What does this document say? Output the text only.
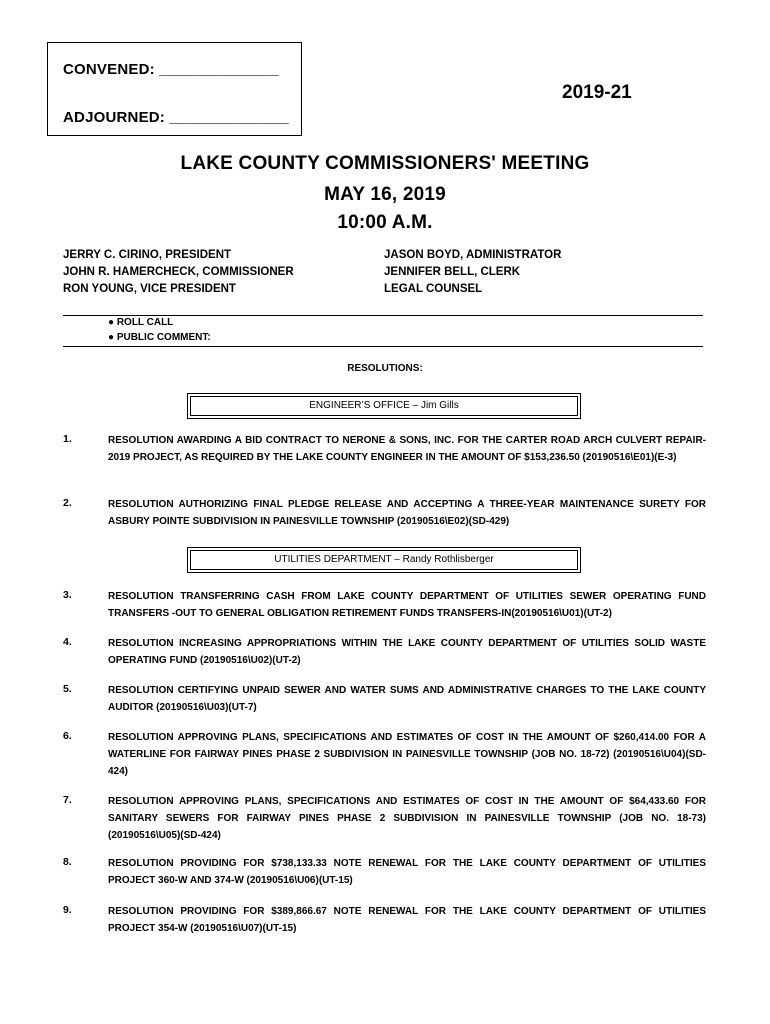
CONVENED: ______________
ADJOURNED: ______________
2019-21
LAKE COUNTY COMMISSIONERS' MEETING
MAY 16, 2019
10:00 A.M.
JERRY C. CIRINO, PRESIDENT
JOHN R. HAMERCHECK, COMMISSIONER
RON YOUNG, VICE PRESIDENT
JASON BOYD, ADMINISTRATOR
JENNIFER BELL, CLERK
LEGAL COUNSEL
● ROLL CALL
● PUBLIC COMMENT:
RESOLUTIONS:
ENGINEER’S OFFICE – Jim Gills
1.	RESOLUTION AWARDING A BID CONTRACT TO NERONE & SONS, INC. FOR THE CARTER ROAD ARCH CULVERT REPAIR-2019 PROJECT, AS REQUIRED BY THE LAKE COUNTY ENGINEER IN THE AMOUNT OF $153,236.50 (20190516\E01)(E-3)
2.	RESOLUTION AUTHORIZING FINAL PLEDGE RELEASE AND ACCEPTING A THREE-YEAR MAINTENANCE SURETY FOR ASBURY POINTE SUBDIVISION IN PAINESVILLE TOWNSHIP (20190516\E02)(SD-429)
UTILITIES DEPARTMENT – Randy Rothlisberger
3.	RESOLUTION TRANSFERRING CASH FROM LAKE COUNTY DEPARTMENT OF UTILITIES SEWER OPERATING FUND TRANSFERS -OUT TO GENERAL OBLIGATION RETIREMENT FUNDS TRANSFERS-IN(20190516\U01)(UT-2)
4.	RESOLUTION INCREASING APPROPRIATIONS WITHIN THE LAKE COUNTY DEPARTMENT OF UTILITIES SOLID WASTE OPERATING FUND (20190516\U02)(UT-2)
5.	RESOLUTION CERTIFYING UNPAID SEWER AND WATER SUMS AND ADMINISTRATIVE CHARGES TO THE LAKE COUNTY AUDITOR (20190516\U03)(UT-7)
6.	RESOLUTION APPROVING PLANS, SPECIFICATIONS AND ESTIMATES OF COST IN THE AMOUNT OF $260,414.00 FOR A WATERLINE FOR FAIRWAY PINES PHASE 2 SUBDIVISION IN PAINESVILLE TOWNSHIP (JOB NO. 18-72) (20190516\U04)(SD-424)
7.	RESOLUTION APPROVING PLANS, SPECIFICATIONS AND ESTIMATES OF COST IN THE AMOUNT OF $64,433.60 FOR SANITARY SEWERS FOR FAIRWAY PINES PHASE 2 SUBDIVISION IN PAINESVILLE TOWNSHIP (JOB NO. 18-73) (20190516\U05)(SD-424)
8.	RESOLUTION PROVIDING FOR $738,133.33 NOTE RENEWAL FOR THE LAKE COUNTY DEPARTMENT OF UTILITIES PROJECT 360-W AND 374-W (20190516\U06)(UT-15)
9.	RESOLUTION PROVIDING FOR $389,866.67 NOTE RENEWAL FOR THE LAKE COUNTY DEPARTMENT OF UTILITIES PROJECT 354-W (20190516\U07)(UT-15)
